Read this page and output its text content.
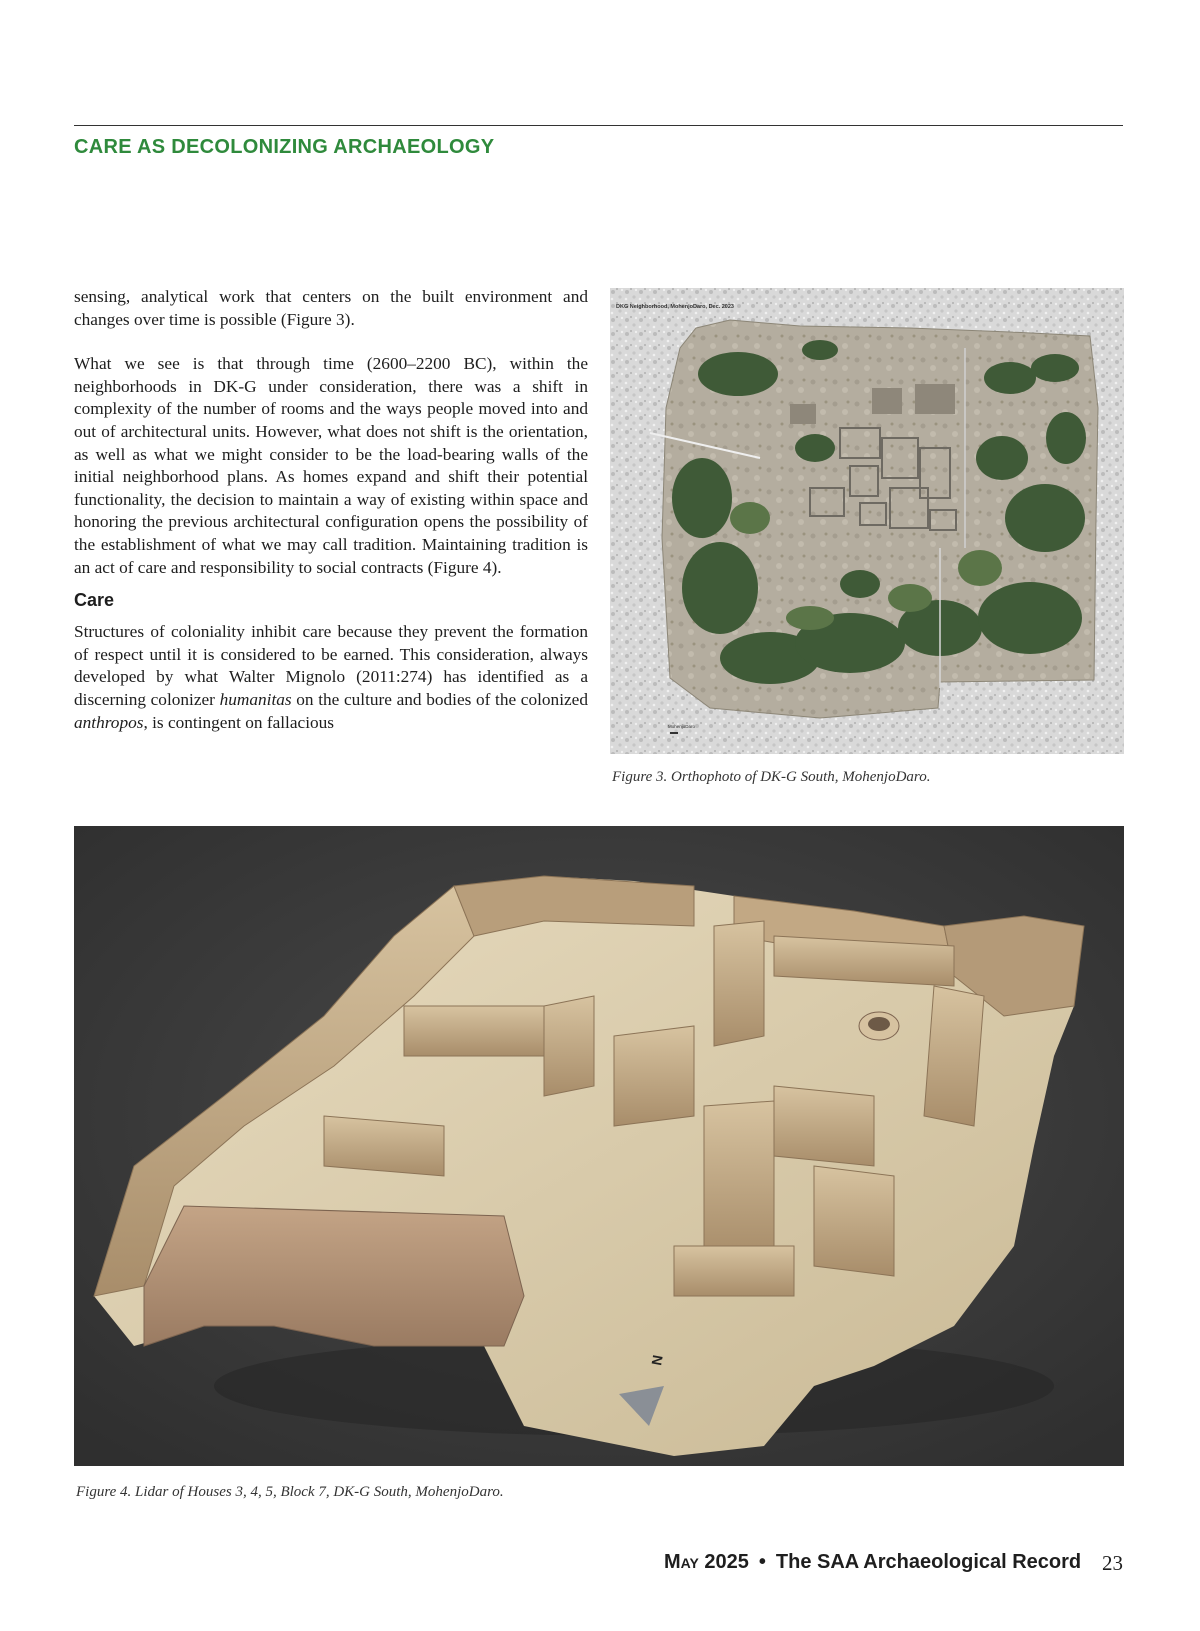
CARE AS DECOLONIZING ARCHAEOLOGY

sensing, analytical work that centers on the built environment and changes over time is possible (Figure 3).

What we see is that through time (2600–2200 BC), within the neighborhoods in DK-G under consideration, there was a shift in complexity of the number of rooms and the ways people moved into and out of architectural units. However, what does not shift is the orientation, as well as what we might consider to be the load-bearing walls of the initial neighborhood plans. As homes expand and shift their potential functionality, the decision to maintain a way of existing within space and honoring the previous architectural configuration opens the possibility of the establishment of what we may call tradition. Maintaining tradition is an act of care and responsibility to social contracts (Figure 4).

Care

Structures of coloniality inhibit care because they prevent the formation of respect until it is considered to be earned. This consideration, always developed by what Walter Mignolo (2011:274) has identified as a discerning colonizer humanitas on the culture and bodies of the colonized anthropos, is contingent on fallacious

DKG Neighborhood, MohenjoDaro, Dec. 2023
MohenjoDaro
Figure 3. Orthophoto of DK-G South, MohenjoDaro.
N
Figure 4. Lidar of Houses 3, 4, 5, Block 7, DK-G South, MohenjoDaro.
May 2025 • The SAA Archaeological Record 23
